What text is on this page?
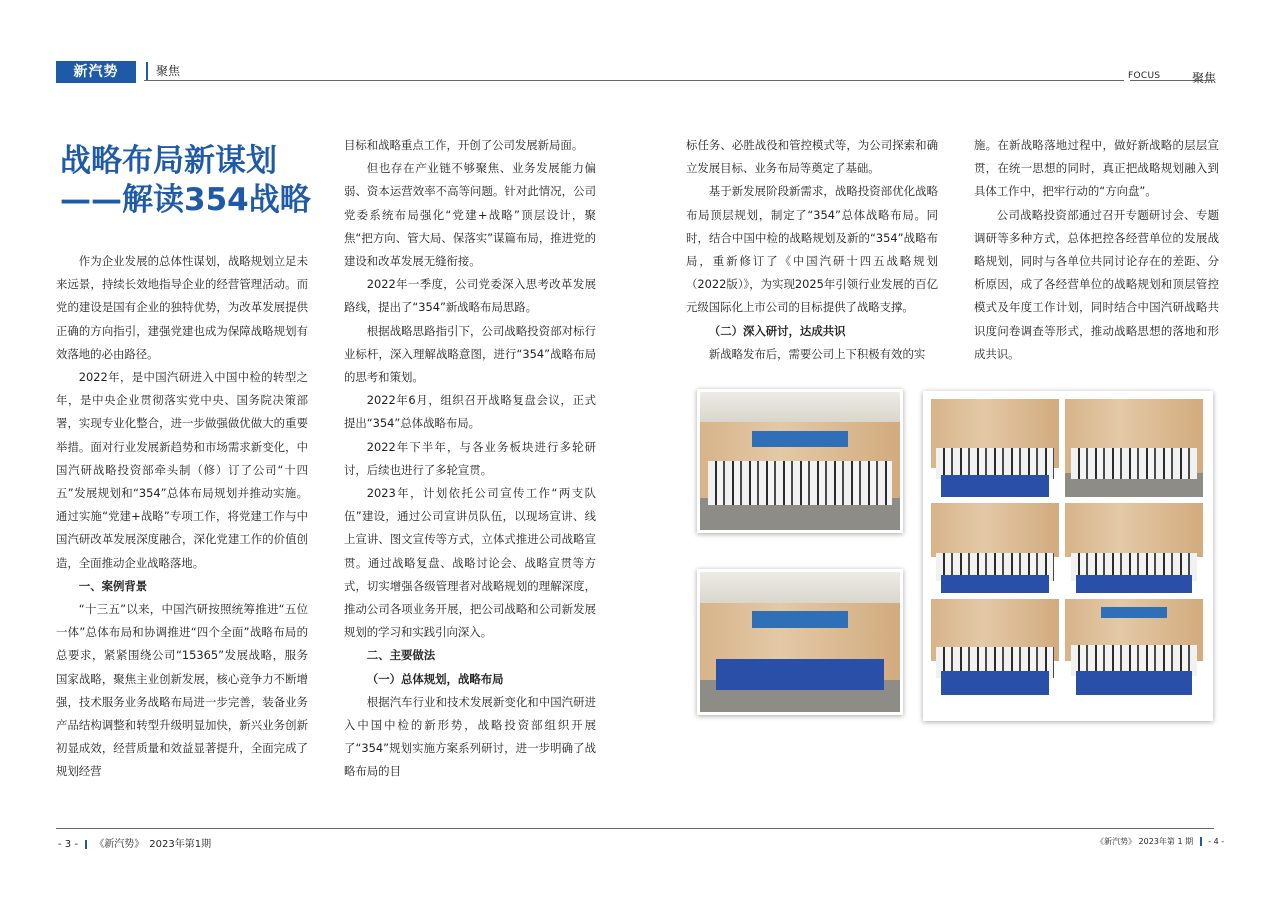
新汽势	聚焦	FOCUS	聚焦
战略布局新谋划
——解读354战略

作为企业发展的总体性谋划，战略规划立足未来远景，持续长效地指导企业的经营管理活动。而党的建设是国有企业的独特优势，为改革发展提供正确的方向指引，建强党建也成为保障战略规划有效落地的必由路径。

2022年，是中国汽研进入中国中检的转型之年，是中央企业贯彻落实党中央、国务院决策部署，实现专业化整合，进一步做强做优做大的重要举措。面对行业发展新趋势和市场需求新变化，中国汽研战略投资部牵头制（修）订了公司“十四五”发展规划和“354”总体布局规划并推动实施。通过实施“党建+战略”专项工作，将党建工作与中国汽研改革发展深度融合，深化党建工作的价值创造，全面推动企业战略落地。

一、案例背景

“十三五”以来，中国汽研按照统筹推进“五位一体”总体布局和协调推进“四个全面”战略布局的总要求，紧紧围绕公司“15365”发展战略，服务国家战略，聚焦主业创新发展，核心竞争力不断增强，技术服务业务战略布局进一步完善，装备业务产品结构调整和转型升级明显加快，新兴业务创新初显成效，经营质量和效益显著提升，全面完成了规划经营

目标和战略重点工作，开创了公司发展新局面。

但也存在产业链不够聚焦、业务发展能力偏弱、资本运营效率不高等问题。针对此情况，公司党委系统布局强化“党建+战略”顶层设计，聚焦“把方向、管大局、保落实”谋篇布局，推进党的建设和改革发展无缝衔接。

2022年一季度，公司党委深入思考改革发展路线，提出了“354”新战略布局思路。

根据战略思路指引下，公司战略投资部对标行业标杆，深入理解战略意图，进行“354”战略布局的思考和策划。

2022年6月，组织召开战略复盘会议，正式提出“354”总体战略布局。

2022年下半年，与各业务板块进行多轮研讨，后续也进行了多轮宣贯。

2023年，计划依托公司宣传工作“两支队伍”建设，通过公司宣讲员队伍，以现场宣讲、线上宣讲、图文宣传等方式，立体式推进公司战略宣贯。通过战略复盘、战略讨论会、战略宣贯等方式，切实增强各级管理者对战略规划的理解深度，推动公司各项业务开展，把公司战略和公司新发展规划的学习和实践引向深入。

二、主要做法

（一）总体规划，战略布局

根据汽车行业和技术发展新变化和中国汽研进入中国中检的新形势，战略投资部组织开展了“354”规划实施方案系列研讨，进一步明确了战略布局的目

标任务、必胜战役和管控模式等，为公司探索和确立发展目标、业务布局等奠定了基础。

基于新发展阶段新需求，战略投资部优化战略布局顶层规划，制定了“354”总体战略布局。同时，结合中国中检的战略规划及新的“354”战略布局，重新修订了《中国汽研十四五战略规划（2022版）》，为实现2025年引领行业发展的百亿元级国际化上市公司的目标提供了战略支撑。

（二）深入研讨，达成共识

新战略发布后，需要公司上下积极有效的实

施。在新战略落地过程中，做好新战略的层层宣贯，在统一思想的同时，真正把战略规划融入到具体工作中，把牢行动的“方向盘”。

公司战略投资部通过召开专题研讨会、专题调研等多种方式，总体把控各经营单位的发展战略规划，同时与各单位共同讨论存在的差距、分析原因，成了各经营单位的战略规划和顶层管控模式及年度工作计划，同时结合中国汽研战略共识度问卷调查等形式，推动战略思想的落地和形成共识。

- 3 - 《新汽势》　2023年第1期	《新汽势》 2023年第 1 期 - 4 -
